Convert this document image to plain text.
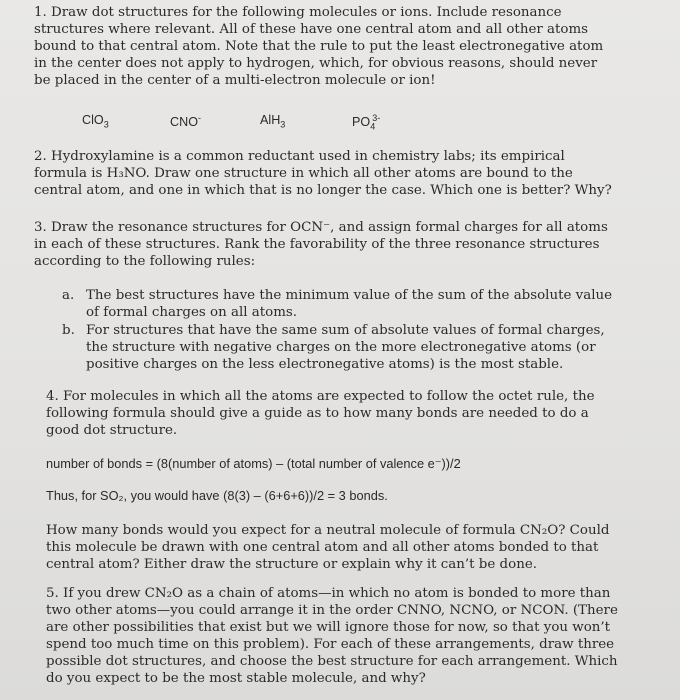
1. Draw dot structures for the following molecules or ions. Include resonance
structures where relevant. All of these have one central atom and all other atoms
bound to that central atom. Note that the rule to put the least electronegative atom
in the center does not apply to hydrogen, which, for obvious reasons, should never
be placed in the center of a multi-electron molecule or ion!
ClO$_3$	CNO-	AlH$_3$	$PO_4^{3-}$
2. Hydroxylamine is a common reductant used in chemistry labs; its empirical
formula is H₃NO. Draw one structure in which all other atoms are bound to the
central atom, and one in which that is no longer the case. Which one is better? Why?
3. Draw the resonance structures for OCN⁻, and assign formal charges for all atoms
in each of these structures. Rank the favorability of the three resonance structures
according to the following rules:
a. The best structures have the minimum value of the sum of the absolute value
of formal charges on all atoms.
b. For structures that have the same sum of absolute values of formal charges,
the structure with negative charges on the more electronegative atoms (or
positive charges on the less electronegative atoms) is the most stable.
4. For molecules in which all the atoms are expected to follow the octet rule, the
following formula should give a guide as to how many bonds are needed to do a
good dot structure.
number of bonds = (8(number of atoms) – (total number of valence e⁻))/2
Thus, for SO₂, you would have (8(3) – (6+6+6))/2 = 3 bonds.
How many bonds would you expect for a neutral molecule of formula CN₂O? Could
this molecule be drawn with one central atom and all other atoms bonded to that
central atom? Either draw the structure or explain why it can’t be done.
5. If you drew CN₂O as a chain of atoms—in which no atom is bonded to more than
two other atoms—you could arrange it in the order CNNO, NCNO, or NCON. (There
are other possibilities that exist but we will ignore those for now, so that you won’t
spend too much time on this problem). For each of these arrangements, draw three
possible dot structures, and choose the best structure for each arrangement. Which
do you expect to be the most stable molecule, and why?
